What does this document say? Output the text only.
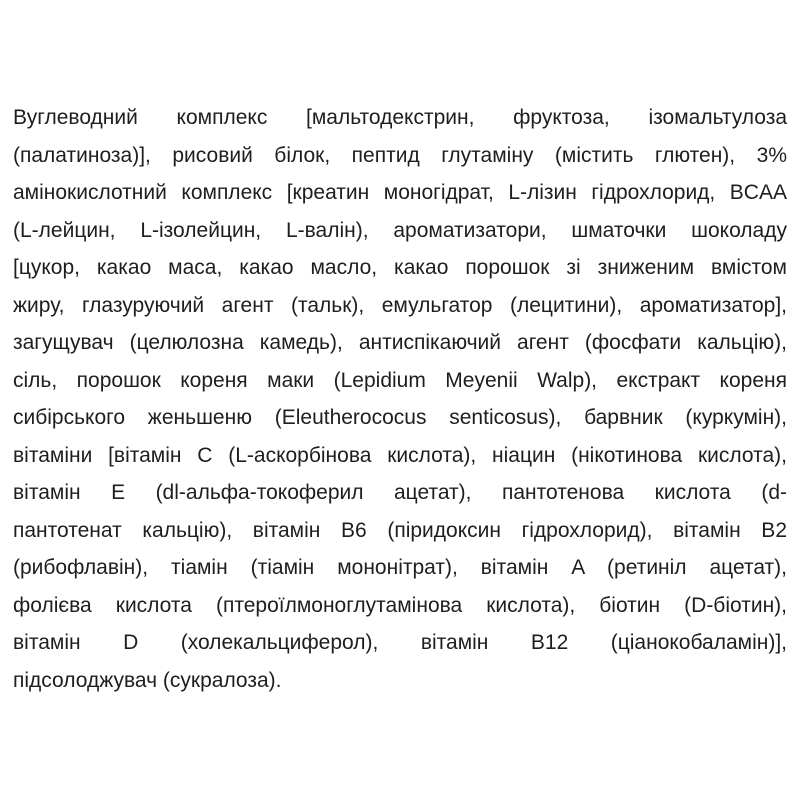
Вуглеводний комплекс [мальтодекстрин, фруктоза, ізомальтулоза
(палатиноза)], рисовий білок, пептид глутаміну (містить глютен), 3%
амінокислотний комплекс [креатин моногідрат, L-лізин гідрохлорид, BCAA
(L-лейцин, L-ізолейцин, L-валін), ароматизатори, шматочки шоколаду
[цукор, какао маса, какао масло, какао порошок зі зниженим вмістом
жиру, глазуруючий агент (тальк), емульгатор (лецитини), ароматизатор],
загущувач (целюлозна камедь), антиспікаючий агент (фосфати кальцію),
сіль, порошок кореня маки (Lepidium Meyenii Walp), екстракт кореня
сибірського женьшеню (Eleutherococus senticosus), барвник (куркумін),
вітаміни [вітамін C (L-аскорбінова кислота), ніацин (нікотинова кислота),
вітамін E (dl-альфа-токоферил ацетат), пантотенова кислота (d-
пантотенат кальцію), вітамін B6 (піридоксин гідрохлорид), вітамін B2
(рибофлавін), тіамін (тіамін мононітрат), вітамін A (ретиніл ацетат),
фолієва кислота (птероїлмоноглутамінова кислота), біотин (D-біотин),
вітамін D (холекальциферол), вітамін B12 (ціанокобаламін)],
підсолоджувач (сукралоза).
